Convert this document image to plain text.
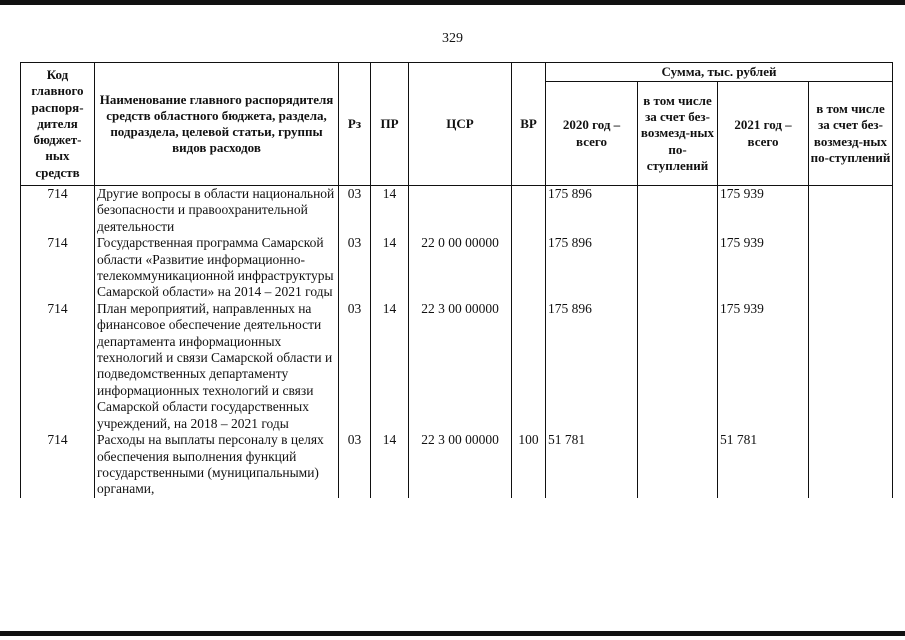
329
Код главного распоря-дителя бюджет-ных средств	Наименование главного распорядителя средств областного бюджета, раздела, подраздела, целевой статьи, группы видов расходов	Рз	ПР	ЦСР	ВР	Сумма, тыс. рублей			
						2020 год – всего	в том числе за счет без-возмезд-ных по-ступлений	2021 год – всего	в том числе за счет без-возмезд-ных по-ступлений
714	Другие вопросы в области национальной безопасности и правоохранительной деятельности	03	14			175 896		175 939	
714	Государственная программа Самарской области «Развитие информационно-телекоммуникационной инфраструктуры Самарской области» на 2014 – 2021 годы	03	14	22 0 00 00000		175 896		175 939	
714	План мероприятий, направленных на финансовое обеспечение деятельности департамента информационных технологий и связи Самарской области и подведомственных департаменту информационных технологий и связи Самарской области государственных учреждений, на 2018 – 2021 годы	03	14	22 3 00 00000		175 896		175 939	
714	Расходы на выплаты персоналу в целях обеспечения выполнения функций государственными (муниципальными) органами,	03	14	22 3 00 00000	100	51 781		51 781	
